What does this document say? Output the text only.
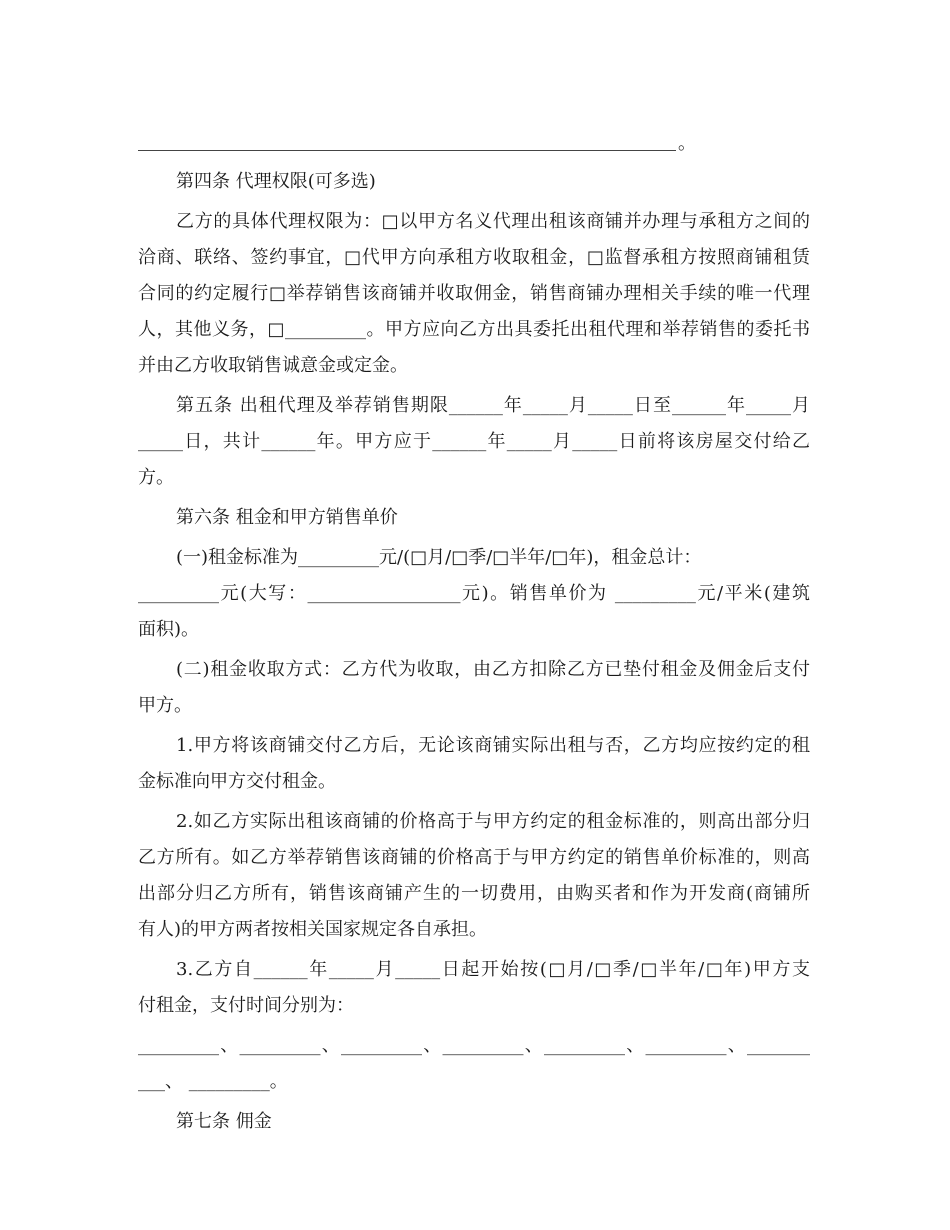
。
第四条 代理权限(可多选)
乙方的具体代理权限为：□以甲方名义代理出租该商铺并办理与承租方之间的
洽商、联络、签约事宜，□代甲方向承租方收取租金，□监督承租方按照商铺租赁
合同的约定履行□举荐销售该商铺并收取佣金，销售商铺办理相关手续的唯一代理
人，其他义务，□_________。甲方应向乙方出具委托出租代理和举荐销售的委托书
并由乙方收取销售诚意金或定金。
第五条 出租代理及举荐销售期限______年_____月_____日至______年_____月
_____日，共计______年。甲方应于______年_____月_____日前将该房屋交付给乙
方。
第六条 租金和甲方销售单价
(一)租金标准为_________元/(□月/□季/□半年/□年)，租金总计：
_________元(大写：_________________元)。销售单价为 _________元/平米(建筑
面积)。
(二)租金收取方式：乙方代为收取，由乙方扣除乙方已垫付租金及佣金后支付
甲方。
1.甲方将该商铺交付乙方后，无论该商铺实际出租与否，乙方均应按约定的租
金标准向甲方交付租金。
2.如乙方实际出租该商铺的价格高于与甲方约定的租金标准的，则高出部分归
乙方所有。如乙方举荐销售该商铺的价格高于与甲方约定的销售单价标准的，则高
出部分归乙方所有，销售该商铺产生的一切费用，由购买者和作为开发商(商铺所
有人)的甲方两者按相关国家规定各自承担。
3.乙方自______年_____月_____日起开始按(□月/□季/□半年/□年)甲方支
付租金，支付时间分别为：
_________、_________、_________、_________、_________、_________、_______
___、 _________。
第七条 佣金
